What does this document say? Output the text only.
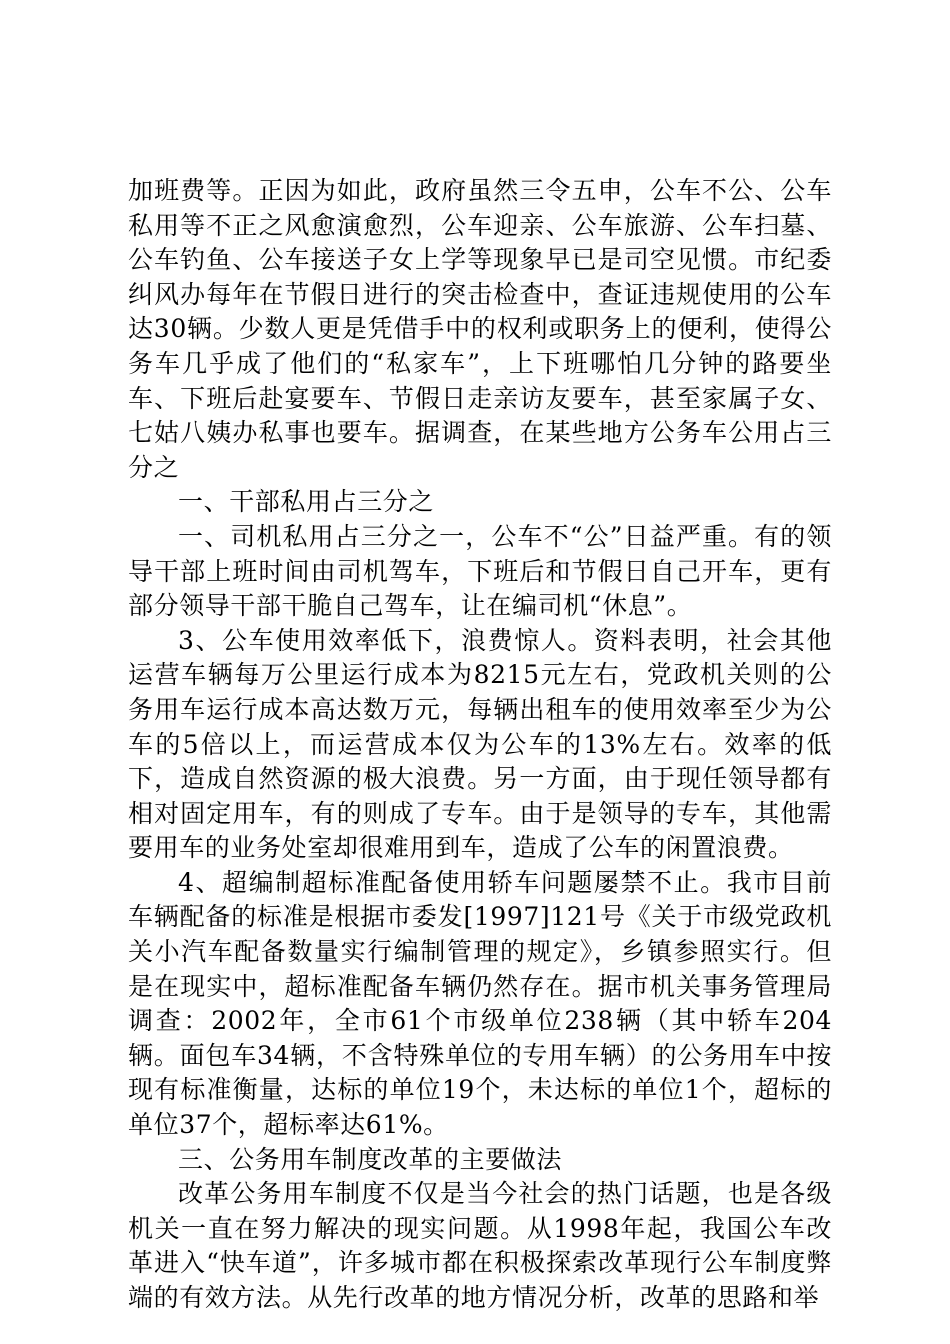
加班费等。正因为如此，政府虽然三令五申，公车不公、公车私用等不正之风愈演愈烈，公车迎亲、公车旅游、公车扫墓、公车钓鱼、公车接送子女上学等现象早已是司空见惯。市纪委纠风办每年在节假日进行的突击检查中，查证违规使用的公车达30辆。少数人更是凭借手中的权利或职务上的便利，使得公务车几乎成了他们的“私家车”，上下班哪怕几分钟的路要坐车、下班后赴宴要车、节假日走亲访友要车，甚至家属子女、七姑八姨办私事也要车。据调查，在某些地方公务车公用占三分之

一、干部私用占三分之

一、司机私用占三分之一，公车不“公”日益严重。有的领导干部上班时间由司机驾车，下班后和节假日自己开车，更有部分领导干部干脆自己驾车，让在编司机“休息”。

3、公车使用效率低下，浪费惊人。资料表明，社会其他运营车辆每万公里运行成本为8215元左右，党政机关则的公务用车运行成本高达数万元，每辆出租车的使用效率至少为公车的5倍以上，而运营成本仅为公车的13%左右。效率的低下，造成自然资源的极大浪费。另一方面，由于现任领导都有相对固定用车，有的则成了专车。由于是领导的专车，其他需要用车的业务处室却很难用到车，造成了公车的闲置浪费。

4、超编制超标准配备使用轿车问题屡禁不止。我市目前车辆配备的标准是根据市委发[1997]121号《关于市级党政机关小汽车配备数量实行编制管理的规定》，乡镇参照实行。但是在现实中，超标准配备车辆仍然存在。据市机关事务管理局调查：2002年，全市61个市级单位238辆（其中轿车204辆。面包车34辆，不含特殊单位的专用车辆）的公务用车中按现有标准衡量，达标的单位19个，未达标的单位1个，超标的单位37个，超标率达61%。

三、公务用车制度改革的主要做法

改革公务用车制度不仅是当今社会的热门话题，也是各级机关一直在努力解决的现实问题。从1998年起，我国公车改革进入“快车道”，许多城市都在积极探索改革现行公车制度弊端的有效方法。从先行改革的地方情况分析，改革的思路和举
